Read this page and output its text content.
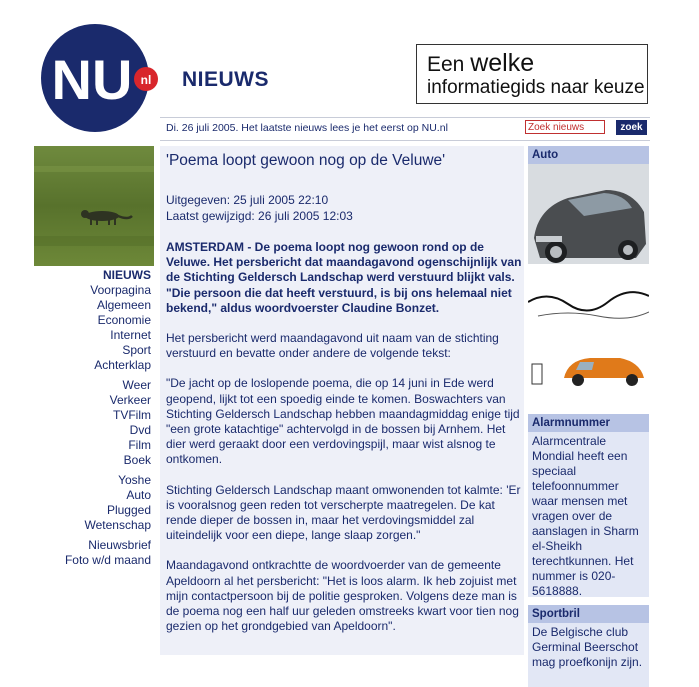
NU nl NIEUWS
Een welke
informatiegids naar keuze
Di. 26 juli 2005. Het laatste nieuws lees je het eerst op NU.nl
Zoek nieuws	zoek
NIEUWS
Voorpagina
Algemeen
Economie
Internet
Sport
Achterklap
Weer
Verkeer
TVFilm
Dvd
Film
Boek
Yoshe
Auto
Plugged
Wetenschap
Nieuwsbrief
Foto w/d maand
'Poema loopt gewoon nog op de Veluwe'
Uitgegeven: 25 juli 2005 22:10
Laatst gewijzigd: 26 juli 2005 12:03

AMSTERDAM - De poema loopt nog gewoon rond op de Veluwe. Het persbericht dat maandagavond ogenschijnlijk van de Stichting Geldersch Landschap werd verstuurd blijkt vals. "Die persoon die dat heeft verstuurd, is bij ons helemaal niet bekend," aldus woordvoerster Claudine Bonzet.

Het persbericht werd maandagavond uit naam van de stichting verstuurd en bevatte onder andere de volgende tekst:

"De jacht op de loslopende poema, die op 14 juni in Ede werd geopend, lijkt tot een spoedig einde te komen. Boswachters van Stichting Geldersch Landschap hebben maandagmiddag enige tijd "een grote katachtige" achtervolgd in de bossen bij Arnhem. Het dier werd geraakt door een verdovingspijl, maar wist alsnog te ontkomen.

Stichting Geldersch Landschap maant omwonenden tot kalmte: 'Er is vooralsnog geen reden tot verscherpte maatregelen. De kat rende dieper de bossen in, maar het verdovingsmiddel zal uiteindelijk voor een diepe, lange slaap zorgen."

Maandagavond ontkrachtte de woordvoerder van de gemeente Apeldoorn al het persbericht: "Het is loos alarm. Ik heb zojuist met mijn contactpersoon bij de politie gesproken. Volgens deze man is de poema nog een half uur geleden omstreeks kwart voor tien nog gezien op het grondgebied van Apeldoorn".

Auto
Alarmnummer
Alarmcentrale Mondial heeft een speciaal telefoonnummer waar mensen met vragen over de aanslagen in Sharm el-Sheikh terechtkunnen. Het nummer is 020-5618888.
Sportbril
De Belgische club Germinal Beerschot mag proefkonijn zijn.
